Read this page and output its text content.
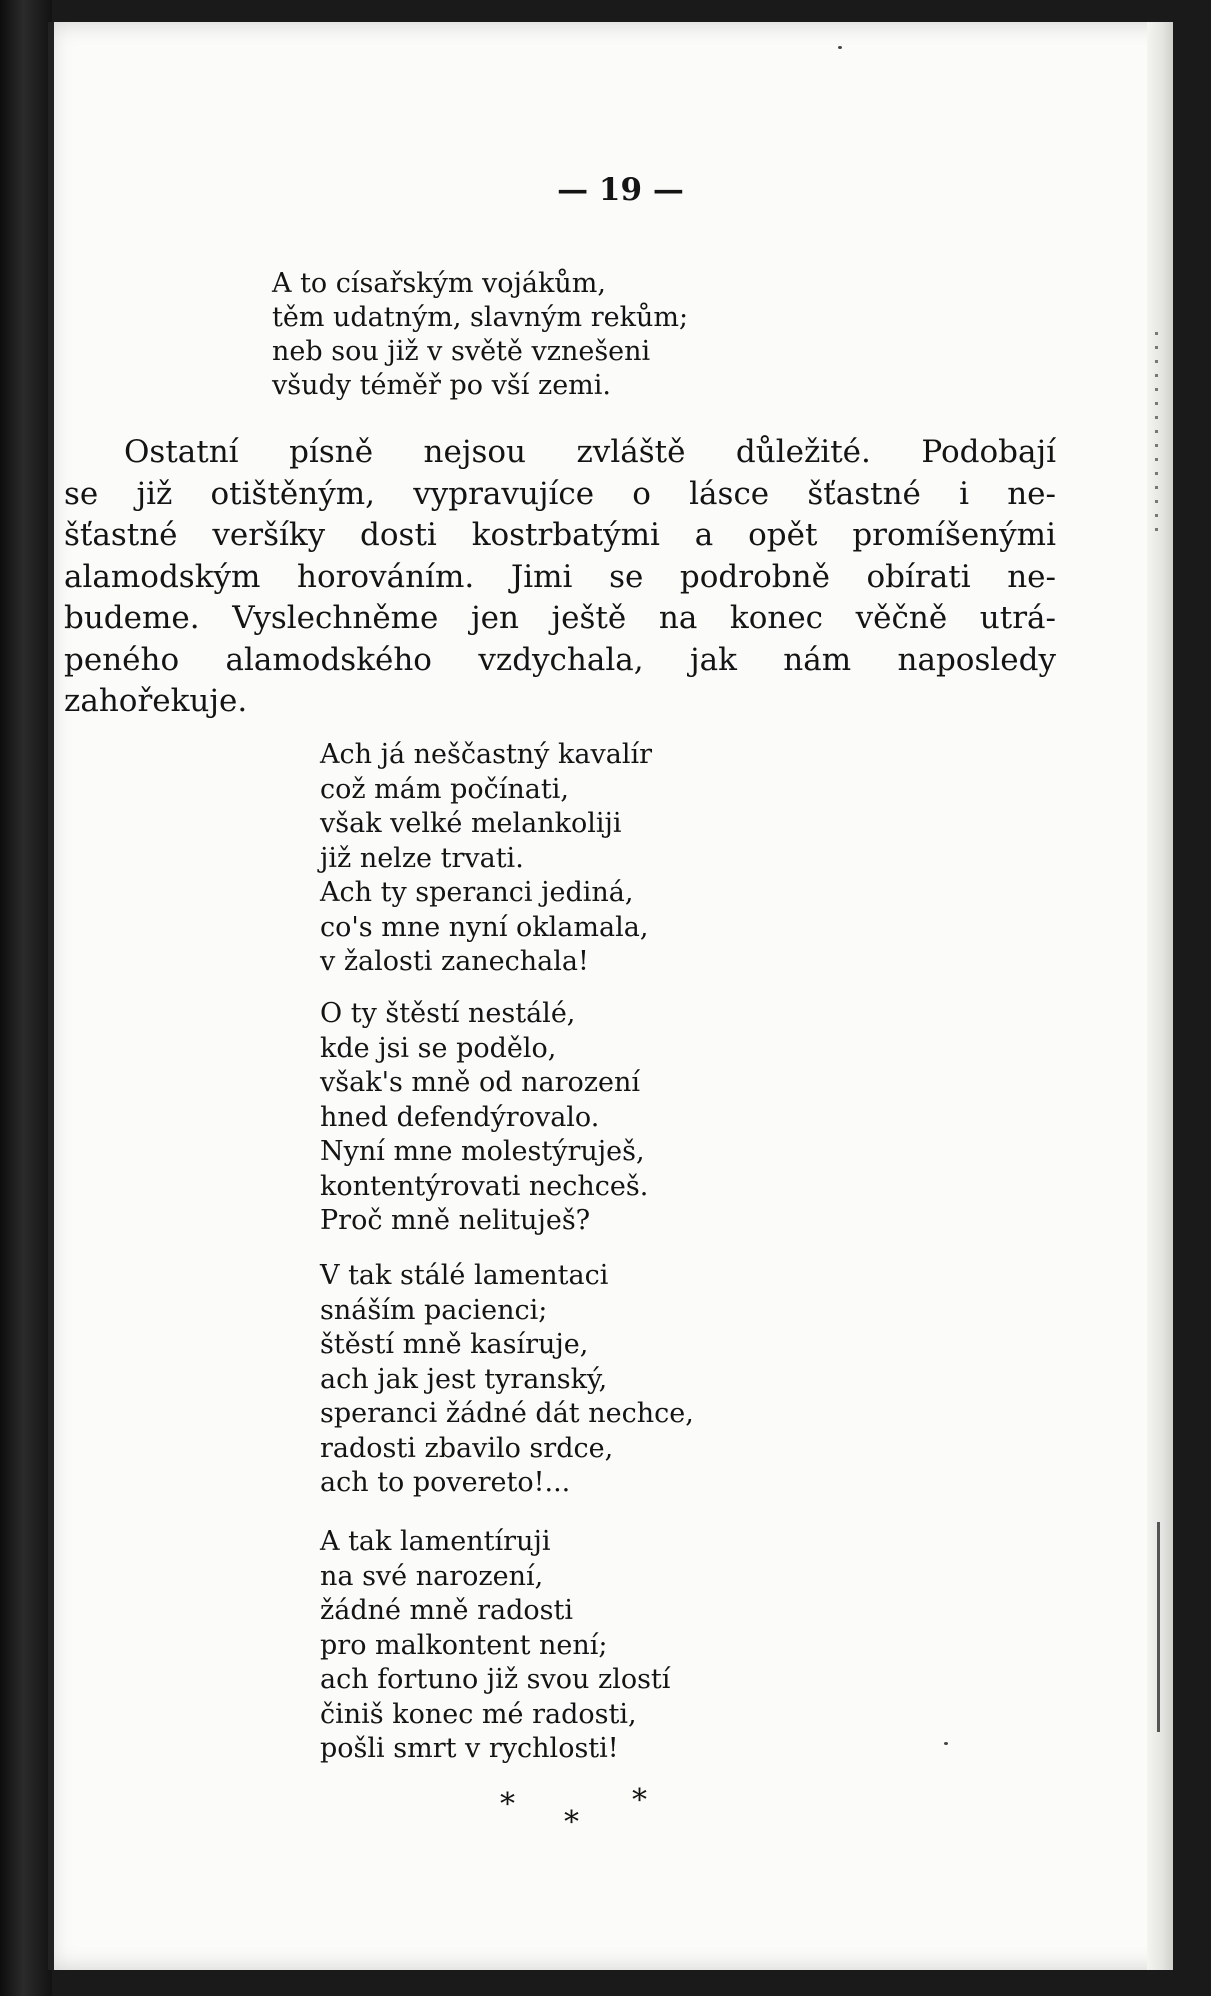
— 19 —
A to císařským vojákům,
těm udatným, slavným rekům;
neb sou již v světě vznešeni
všudy téměř po vší zemi.
Ostatní písně nejsou zvláště důležité. Podobají
se již otištěným, vypravujíce o lásce šťastné i ne-
šťastné veršíky dosti kostrbatými a opět promíšenými
alamodským horováním. Jimi se podrobně obírati ne-
budeme. Vyslechněme jen ještě na konec věčně utrá-
peného alamodského vzdychala, jak nám naposledy
zahořekuje.
Ach já neščastný kavalír
což mám počínati,
však velké melankoliji
již nelze trvati.
Ach ty speranci jediná,
co's mne nyní oklamala,
v žalosti zanechala!
O ty štěstí nestálé,
kde jsi se podělo,
však's mně od narození
hned defendýrovalo.
Nyní mne molestýruješ,
kontentýrovati nechceš.
Proč mně nelituješ?
V tak stálé lamentaci
snáším pacienci;
štěstí mně kasíruje,
ach jak jest tyranský,
speranci žádné dát nechce,
radosti zbavilo srdce,
ach to povereto!...
A tak lamentíruji
na své narození,
žádné mně radosti
pro malkontent není;
ach fortuno již svou zlostí
činiš konec mé radosti,
pošli smrt v rychlosti!
*
*
*
